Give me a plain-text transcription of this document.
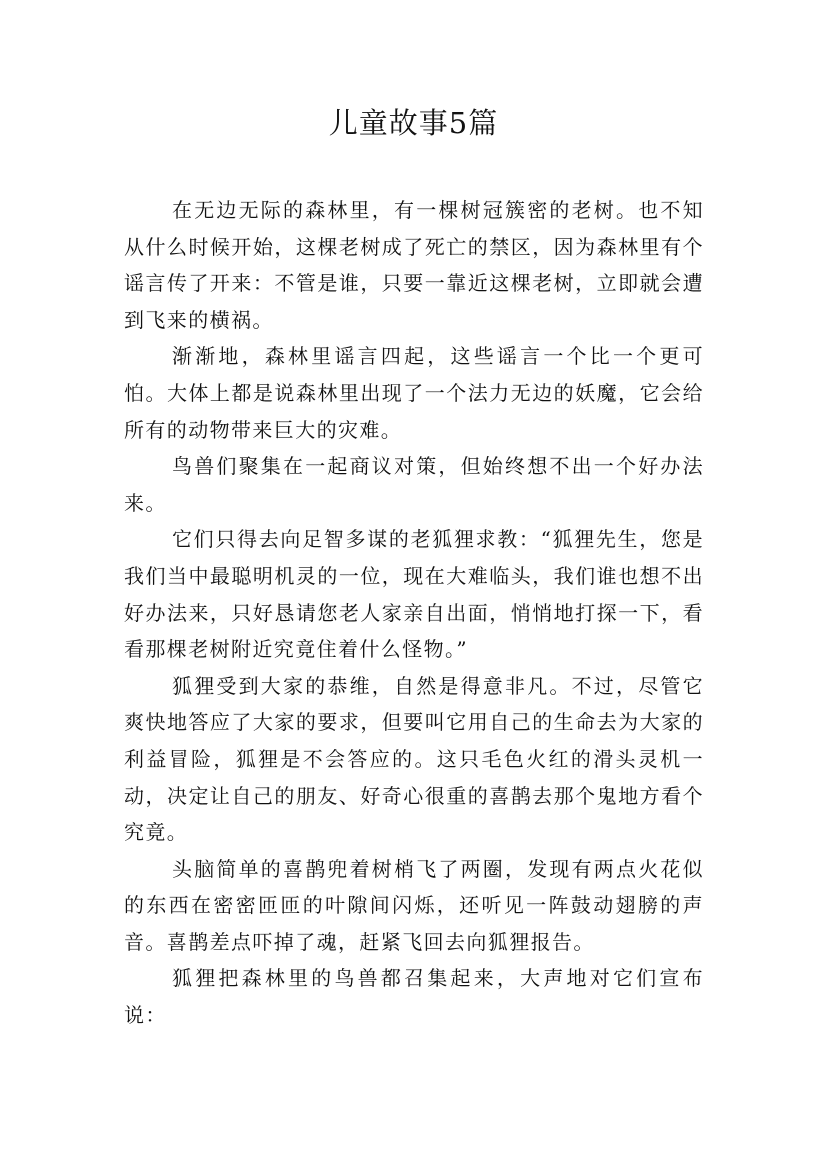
儿童故事5篇

在无边无际的森林里，有一棵树冠簇密的老树。也不知从什么时候开始，这棵老树成了死亡的禁区，因为森林里有个谣言传了开来：不管是谁，只要一靠近这棵老树，立即就会遭到飞来的横祸。

渐渐地，森林里谣言四起，这些谣言一个比一个更可怕。大体上都是说森林里出现了一个法力无边的妖魔，它会给所有的动物带来巨大的灾难。

鸟兽们聚集在一起商议对策，但始终想不出一个好办法来。

它们只得去向足智多谋的老狐狸求教：“狐狸先生，您是我们当中最聪明机灵的一位，现在大难临头，我们谁也想不出好办法来，只好恳请您老人家亲自出面，悄悄地打探一下，看看那棵老树附近究竟住着什么怪物。”

狐狸受到大家的恭维，自然是得意非凡。不过，尽管它爽快地答应了大家的要求，但要叫它用自己的生命去为大家的利益冒险，狐狸是不会答应的。这只毛色火红的滑头灵机一动，决定让自己的朋友、好奇心很重的喜鹊去那个鬼地方看个究竟。

头脑简单的喜鹊兜着树梢飞了两圈，发现有两点火花似的东西在密密匝匝的叶隙间闪烁，还听见一阵鼓动翅膀的声音。喜鹊差点吓掉了魂，赶紧飞回去向狐狸报告。

狐狸把森林里的鸟兽都召集起来，大声地对它们宣布说：
